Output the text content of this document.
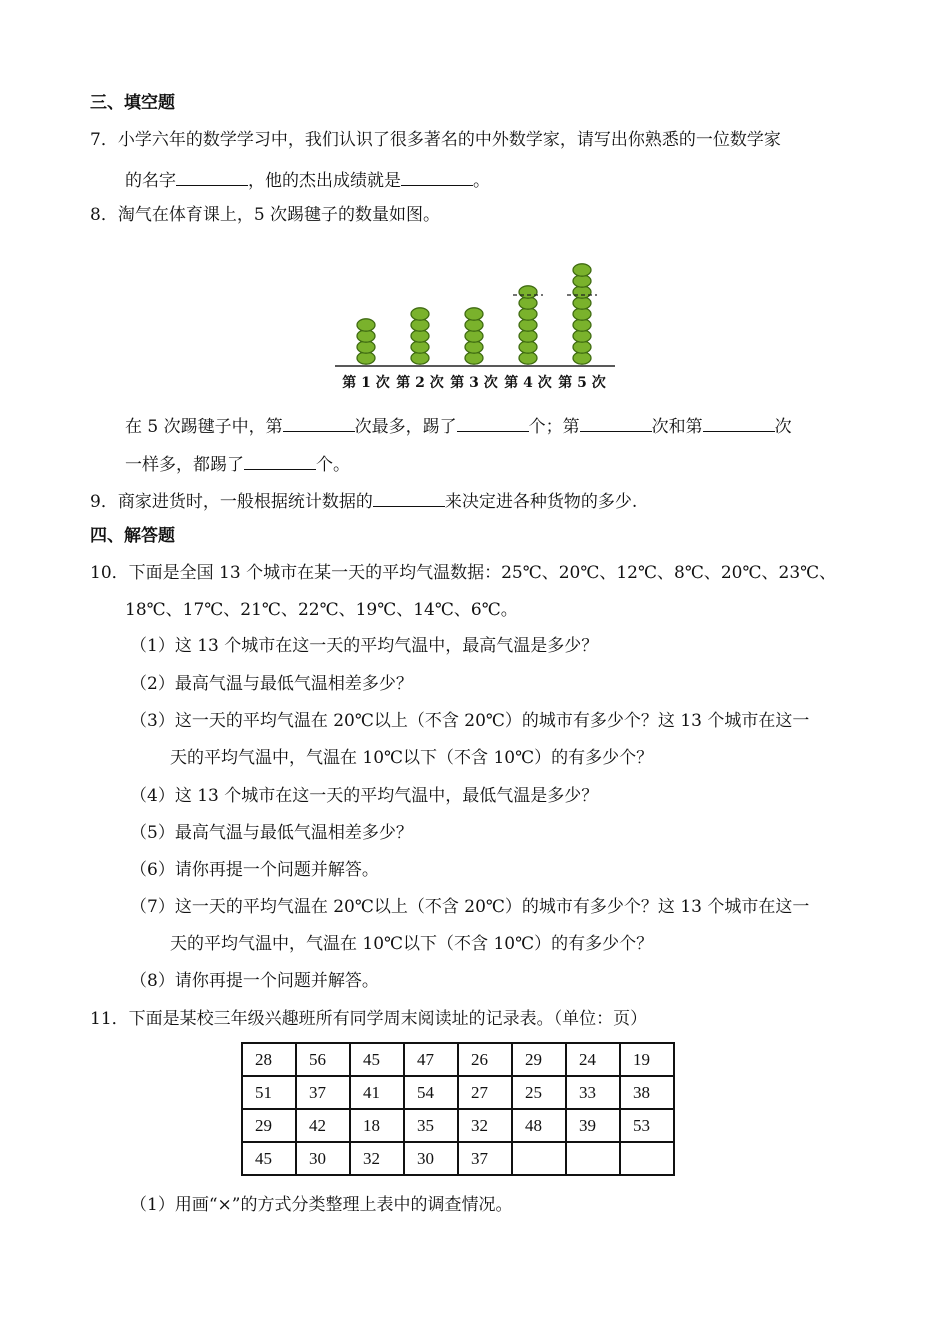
三、填空题
7．小学六年的数学学习中，我们认识了很多著名的中外数学家，请写出你熟悉的一位数学家
的名字	，他的杰出成绩就是	。
8．淘气在体育课上，5 次踢毽子的数量如图。
第 1 次 第 2 次 第 3 次 第 4 次 第 5 次
在 5 次踢毽子中，第	次最多，踢了	个；第	次和第	次
一样多，都踢了	个。
9．商家进货时，一般根据统计数据的	来决定进各种货物的多少.
四、解答题
10．下面是全国 13 个城市在某一天的平均气温数据：25℃、20℃、12℃、8℃、20℃、23℃、
18℃、17℃、21℃、22℃、19℃、14℃、6℃。
（1）这 13 个城市在这一天的平均气温中，最高气温是多少？
（2）最高气温与最低气温相差多少？
（3）这一天的平均气温在 20℃以上（不含 20℃）的城市有多少个？这 13 个城市在这一
天的平均气温中，气温在 10℃以下（不含 10℃）的有多少个？
（4）这 13 个城市在这一天的平均气温中，最低气温是多少？
（5）最高气温与最低气温相差多少？
（6）请你再提一个问题并解答。
（7）这一天的平均气温在 20℃以上（不含 20℃）的城市有多少个？这 13 个城市在这一
天的平均气温中，气温在 10℃以下（不含 10℃）的有多少个？
（8）请你再提一个问题并解答。
11．下面是某校三年级兴趣班所有同学周末阅读址的记录表。（单位：页）
28	56	45	47	26	29	24	19
51	37	41	54	27	25	33	38
29	42	18	35	32	48	39	53
45	30	32	30	37			
（1）用画“×”的方式分类整理上表中的调查情况。
